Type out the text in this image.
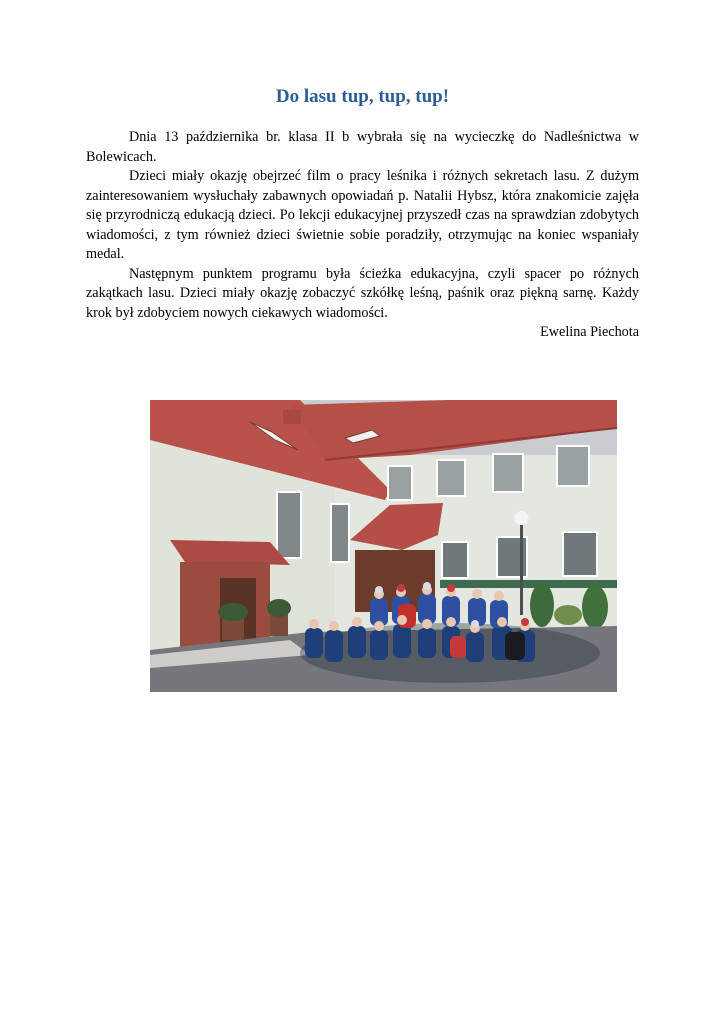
Do lasu tup, tup, tup!

Dnia 13 października br. klasa II b wybrała się na wycieczkę do Nadleśnictwa w Bolewicach.

Dzieci miały okazję obejrzeć film o pracy leśnika i różnych sekretach lasu. Z dużym zainteresowaniem wysłuchały zabawnych opowiadań p. Natalii Hybsz, która znakomicie zajęła się przyrodniczą edukacją dzieci. Po lekcji edukacyjnej przyszedł czas na sprawdzian zdobytych wiadomości, z tym również dzieci świetnie sobie poradziły, otrzymując na koniec wspaniały medal.

Następnym punktem programu była ścieżka edukacyjna, czyli spacer po różnych zakątkach lasu. Dzieci miały okazję zobaczyć szkółkę leśną, paśnik oraz piękną sarnę. Każdy krok był zdobyciem nowych ciekawych wiadomości.

Ewelina Piechota
